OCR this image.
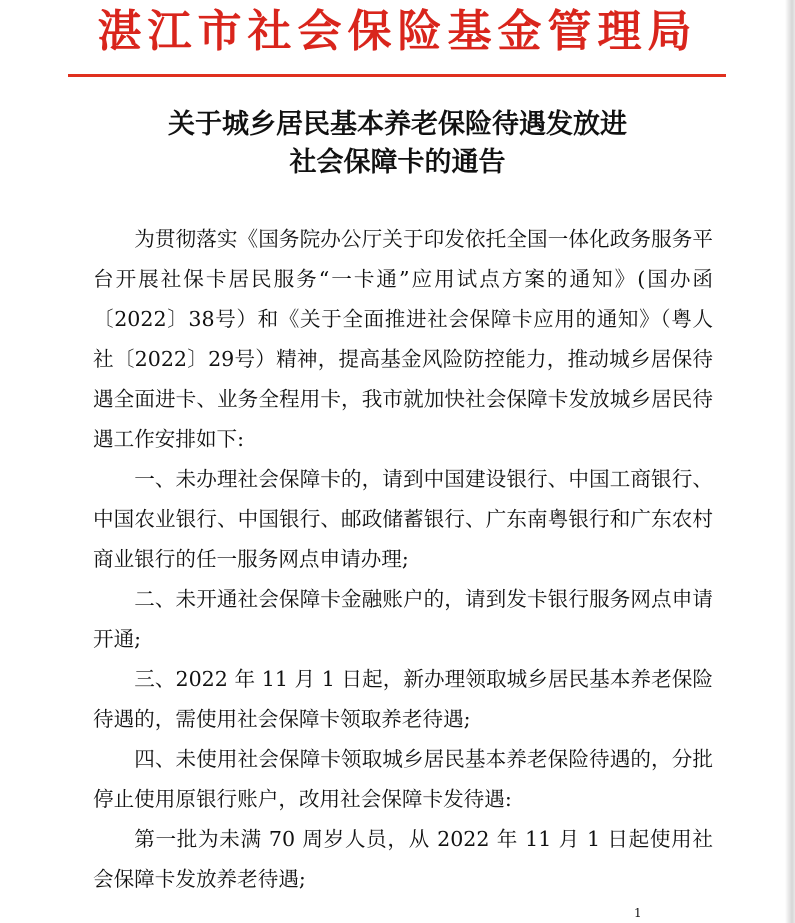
湛江市社会保险基金管理局
关于城乡居民基本养老保险待遇发放进
社会保障卡的通告

为贯彻落实《国务院办公厅关于印发依托全国一体化政务服务平台开展社保卡居民服务“一卡通”应用试点方案的通知》(国办函〔2022〕38号）和《关于全面推进社会保障卡应用的通知》（粤人社〔2022〕29号）精神，提高基金风险防控能力，推动城乡居保待遇全面进卡、业务全程用卡，我市就加快社会保障卡发放城乡居民待遇工作安排如下:

一、未办理社会保障卡的，请到中国建设银行、中国工商银行、中国农业银行、中国银行、邮政储蓄银行、广东南粤银行和广东农村商业银行的任一服务网点申请办理;

二、未开通社会保障卡金融账户的，请到发卡银行服务网点申请开通;

三、2022 年 11 月 1 日起，新办理领取城乡居民基本养老保险待遇的，需使用社会保障卡领取养老待遇;

四、未使用社会保障卡领取城乡居民基本养老保险待遇的，分批停止使用原银行账户，改用社会保障卡发待遇:

第一批为未满 70 周岁人员，从 2022 年 11 月 1 日起使用社会保障卡发放养老待遇;

1
